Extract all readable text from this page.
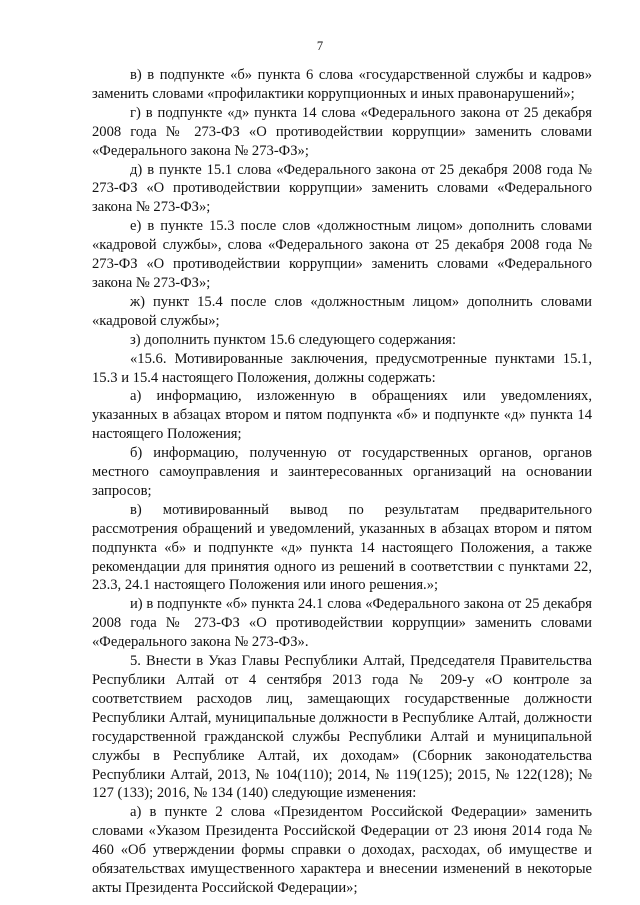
7

в) в подпункте «б» пункта 6 слова «государственной службы и кадров» заменить словами «профилактики коррупционных и иных правонарушений»;

г) в подпункте «д» пункта 14 слова «Федерального закона от 25 декабря 2008 года № 273-ФЗ «О противодействии коррупции» заменить словами «Федерального закона № 273-ФЗ»;

д) в пункте 15.1 слова «Федерального закона от 25 декабря 2008 года № 273-ФЗ «О противодействии коррупции» заменить словами «Федерального закона № 273-ФЗ»;

е) в пункте 15.3 после слов «должностным лицом» дополнить словами «кадровой службы», слова «Федерального закона от 25 декабря 2008 года № 273-ФЗ «О противодействии коррупции» заменить словами «Федерального закона № 273-ФЗ»;

ж) пункт 15.4 после слов «должностным лицом» дополнить словами «кадровой службы»;

з) дополнить пунктом 15.6 следующего содержания:

«15.6. Мотивированные заключения, предусмотренные пунктами 15.1, 15.3 и 15.4 настоящего Положения, должны содержать:

а) информацию, изложенную в обращениях или уведомлениях, указанных в абзацах втором и пятом подпункта «б» и подпункте «д» пункта 14 настоящего Положения;

б) информацию, полученную от государственных органов, органов местного самоуправления и заинтересованных организаций на основании запросов;

в) мотивированный вывод по результатам предварительного рассмотрения обращений и уведомлений, указанных в абзацах втором и пятом подпункта «б» и подпункте «д» пункта 14 настоящего Положения, а также рекомендации для принятия одного из решений в соответствии с пунктами 22, 23.3, 24.1 настоящего Положения или иного решения.»;

и) в подпункте «б» пункта 24.1 слова «Федерального закона от 25 декабря 2008 года № 273-ФЗ «О противодействии коррупции» заменить словами «Федерального закона № 273-ФЗ».

5. Внести в Указ Главы Республики Алтай, Председателя Правительства Республики Алтай от 4 сентября 2013 года № 209-у «О контроле за соответствием расходов лиц, замещающих государственные должности Республики Алтай, муниципальные должности в Республике Алтай, должности государственной гражданской службы Республики Алтай и муниципальной службы в Республике Алтай, их доходам» (Сборник законодательства Республики Алтай, 2013, № 104(110); 2014, № 119(125); 2015, № 122(128); № 127 (133); 2016, № 134 (140) следующие изменения:

а) в пункте 2 слова «Президентом Российской Федерации» заменить словами «Указом Президента Российской Федерации от 23 июня 2014 года № 460 «Об утверждении формы справки о доходах, расходах, об имуществе и обязательствах имущественного характера и внесении изменений в некоторые акты Президента Российской Федерации»;
